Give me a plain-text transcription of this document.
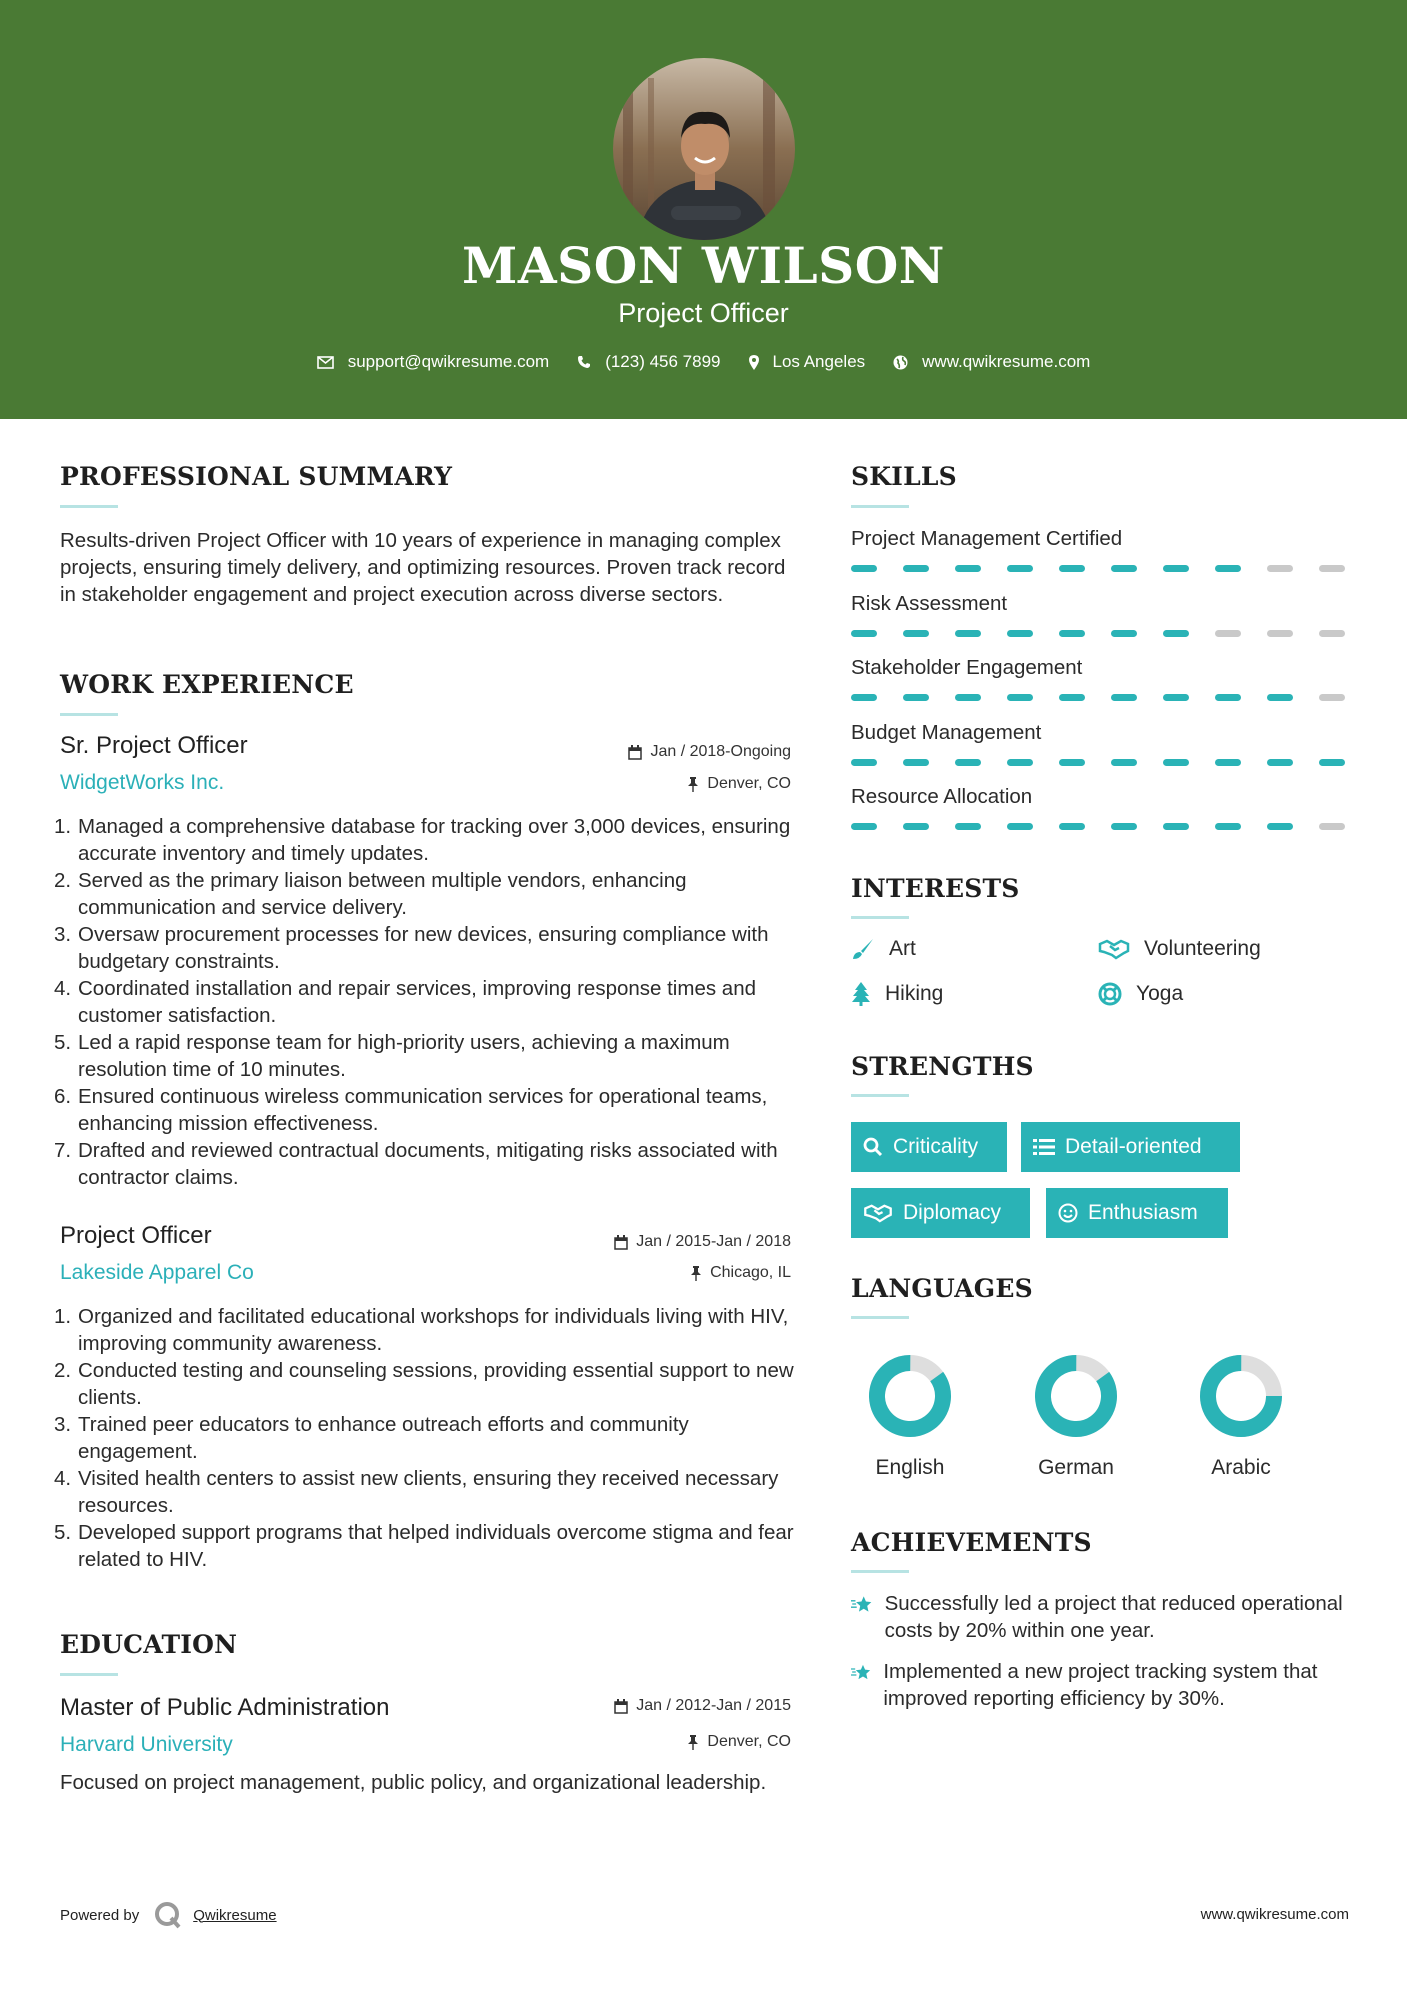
MASON WILSON
Project Officer
support@qwikresume.com	(123) 456 7899	Los Angeles	www.qwikresume.com
PROFESSIONAL SUMMARY
Results-driven Project Officer with 10 years of experience in managing complex projects, ensuring timely delivery, and optimizing resources. Proven track record in stakeholder engagement and project execution across diverse sectors.
WORK EXPERIENCE
Sr. Project Officer	Jan / 2018-Ongoing
WidgetWorks Inc.	Denver, CO
1. Managed a comprehensive database for tracking over 3,000 devices, ensuring accurate inventory and timely updates.
2. Served as the primary liaison between multiple vendors, enhancing communication and service delivery.
3. Oversaw procurement processes for new devices, ensuring compliance with budgetary constraints.
4. Coordinated installation and repair services, improving response times and customer satisfaction.
5. Led a rapid response team for high-priority users, achieving a maximum resolution time of 10 minutes.
6. Ensured continuous wireless communication services for operational teams, enhancing mission effectiveness.
7. Drafted and reviewed contractual documents, mitigating risks associated with contractor claims.
Project Officer	Jan / 2015-Jan / 2018
Lakeside Apparel Co	Chicago, IL
1. Organized and facilitated educational workshops for individuals living with HIV, improving community awareness.
2. Conducted testing and counseling sessions, providing essential support to new clients.
3. Trained peer educators to enhance outreach efforts and community engagement.
4. Visited health centers to assist new clients, ensuring they received necessary resources.
5. Developed support programs that helped individuals overcome stigma and fear related to HIV.
EDUCATION
Master of Public Administration	Jan / 2012-Jan / 2015
Harvard University	Denver, CO
Focused on project management, public policy, and organizational leadership.
SKILLS
Project Management Certified
Risk Assessment
Stakeholder Engagement
Budget Management
Resource Allocation
INTERESTS
Art	Volunteering
Hiking	Yoga
STRENGTHS
Criticality	Detail-oriented
Diplomacy	Enthusiasm
LANGUAGES
English	German	Arabic
ACHIEVEMENTS
Successfully led a project that reduced operational costs by 20% within one year.
Implemented a new project tracking system that improved reporting efficiency by 30%.
Powered by	Qwikresume	www.qwikresume.com
